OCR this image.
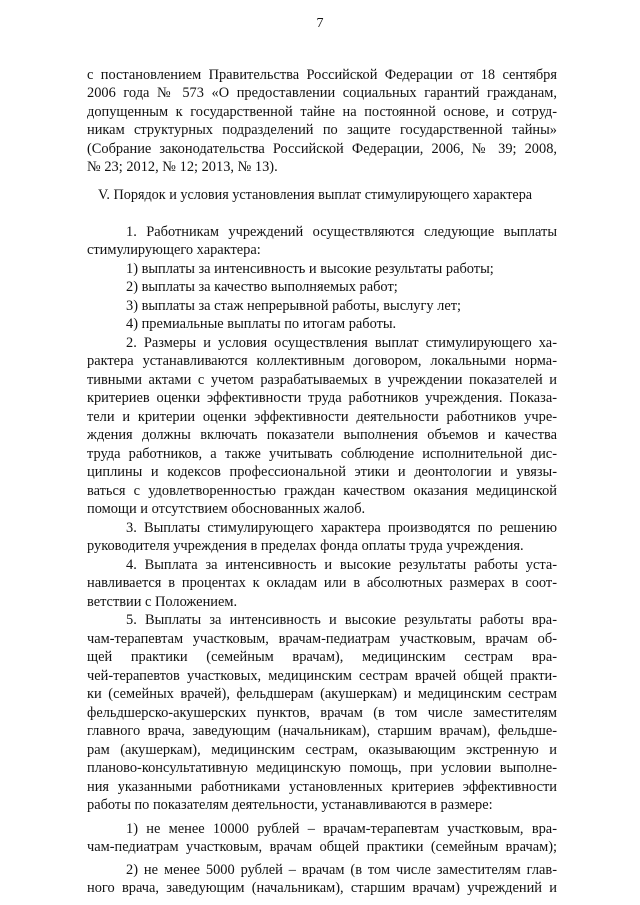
7
с постановлением Правительства Российской Федерации от 18 сентября
2006 года № 573 «О предоставлении социальных гарантий гражданам,
допущенным к государственной тайне на постоянной основе, и сотруд-
никам структурных подразделений по защите государственной тайны»
(Собрание законодательства Российской Федерации, 2006, № 39; 2008,
№ 23; 2012, № 12; 2013, № 13).
V. Порядок и условия установления выплат стимулирующего характера
1. Работникам учреждений осуществляются следующие выплаты
стимулирующего характера:
1) выплаты за интенсивность и высокие результаты работы;
2) выплаты за качество выполняемых работ;
3) выплаты за стаж непрерывной работы, выслугу лет;
4) премиальные выплаты по итогам работы.
2. Размеры и условия осуществления выплат стимулирующего ха-
рактера устанавливаются коллективным договором, локальными норма-
тивными актами с учетом разрабатываемых в учреждении показателей и
критериев оценки эффективности труда работников учреждения. Показа-
тели и критерии оценки эффективности деятельности работников учре-
ждения должны включать показатели выполнения объемов и качества
труда работников, а также учитывать соблюдение исполнительной дис-
циплины и кодексов профессиональной этики и деонтологии и увязы-
ваться с удовлетворенностью граждан качеством оказания медицинской
помощи и отсутствием обоснованных жалоб.
3. Выплаты стимулирующего характера производятся по решению
руководителя учреждения в пределах фонда оплаты труда учреждения.
4. Выплата за интенсивность и высокие результаты работы уста-
навливается в процентах к окладам или в абсолютных размерах в соот-
ветствии с Положением.
5. Выплаты за интенсивность и высокие результаты работы вра-
чам-терапевтам участковым, врачам-педиатрам участковым, врачам об-
щей практики (семейным врачам), медицинским сестрам вра-
чей-терапевтов участковых, медицинским сестрам врачей общей практи-
ки (семейных врачей), фельдшерам (акушеркам) и медицинским сестрам
фельдшерско-акушерских пунктов, врачам (в том числе заместителям
главного врача, заведующим (начальникам), старшим врачам), фельдше-
рам (акушеркам), медицинским сестрам, оказывающим экстренную и
планово-консультативную медицинскую помощь, при условии выполне-
ния указанными работниками установленных критериев эффективности
работы по показателям деятельности, устанавливаются в размере:
1) не менее 10000 рублей – врачам-терапевтам участковым, вра-
чам-педиатрам участковым, врачам общей практики (семейным врачам);
2) не менее 5000 рублей – врачам (в том числе заместителям глав-
ного врача, заведующим (начальникам), старшим врачам) учреждений и
